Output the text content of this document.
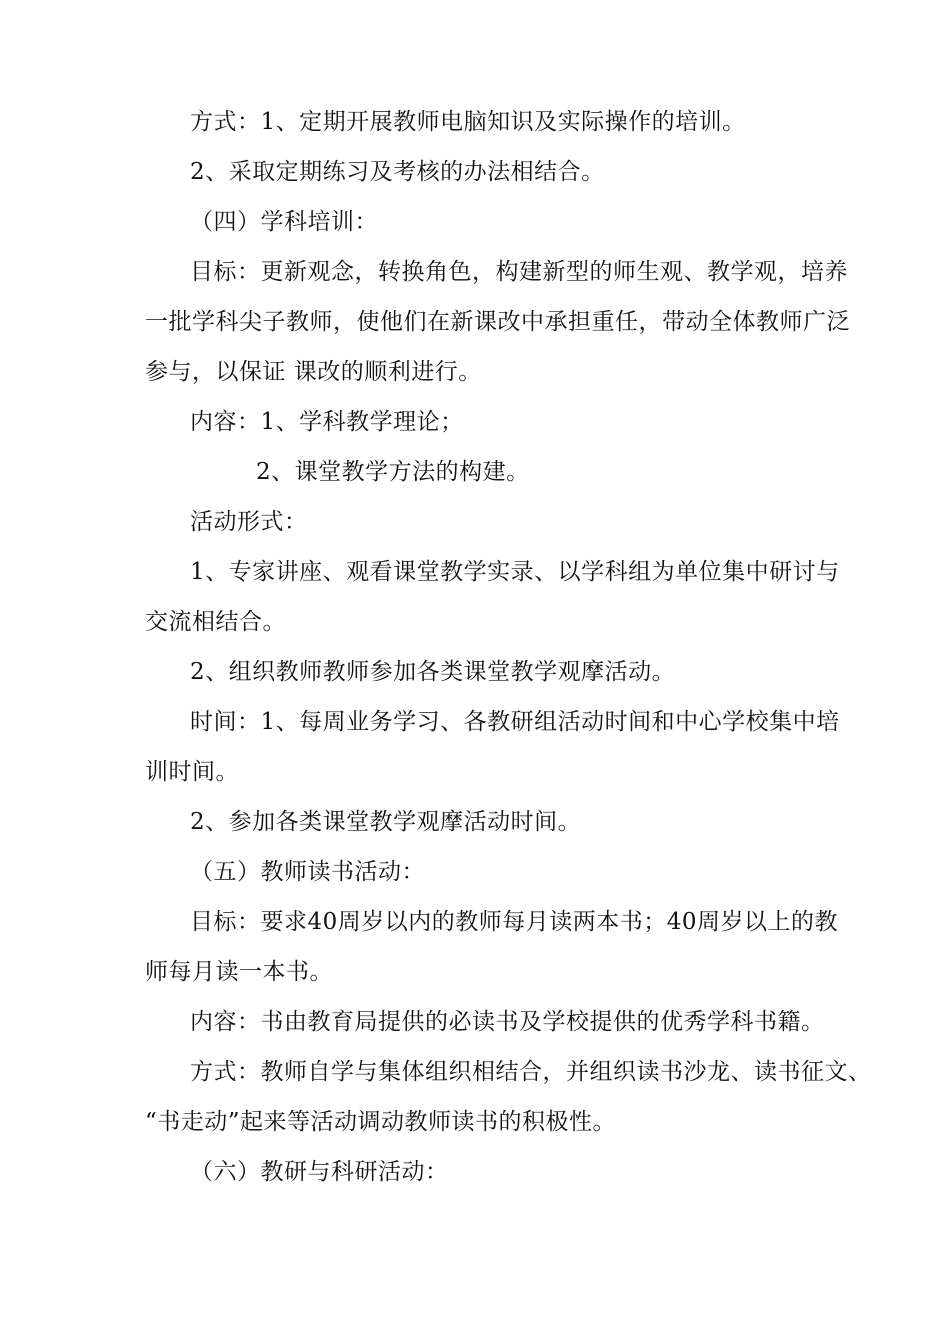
方式：1、定期开展教师电脑知识及实际操作的培训。
2、采取定期练习及考核的办法相结合。
（四）学科培训：
目标：更新观念，转换角色，构建新型的师生观、教学观，培养
一批学科尖子教师，使他们在新课改中承担重任，带动全体教师广泛
参与，以保证 课改的顺利进行。
内容：1、学科教学理论；
2、课堂教学方法的构建。
活动形式：
1、专家讲座、观看课堂教学实录、以学科组为单位集中研讨与
交流相结合。
2、组织教师教师参加各类课堂教学观摩活动。
时间：1、每周业务学习、各教研组活动时间和中心学校集中培
训时间。
2、参加各类课堂教学观摩活动时间。
（五）教师读书活动：
目标：要求40周岁以内的教师每月读两本书；40周岁以上的教
师每月读一本书。
内容：书由教育局提供的必读书及学校提供的优秀学科书籍。
方式：教师自学与集体组织相结合，并组织读书沙龙、读书征文、
“书走动”起来等活动调动教师读书的积极性。
（六）教研与科研活动：
